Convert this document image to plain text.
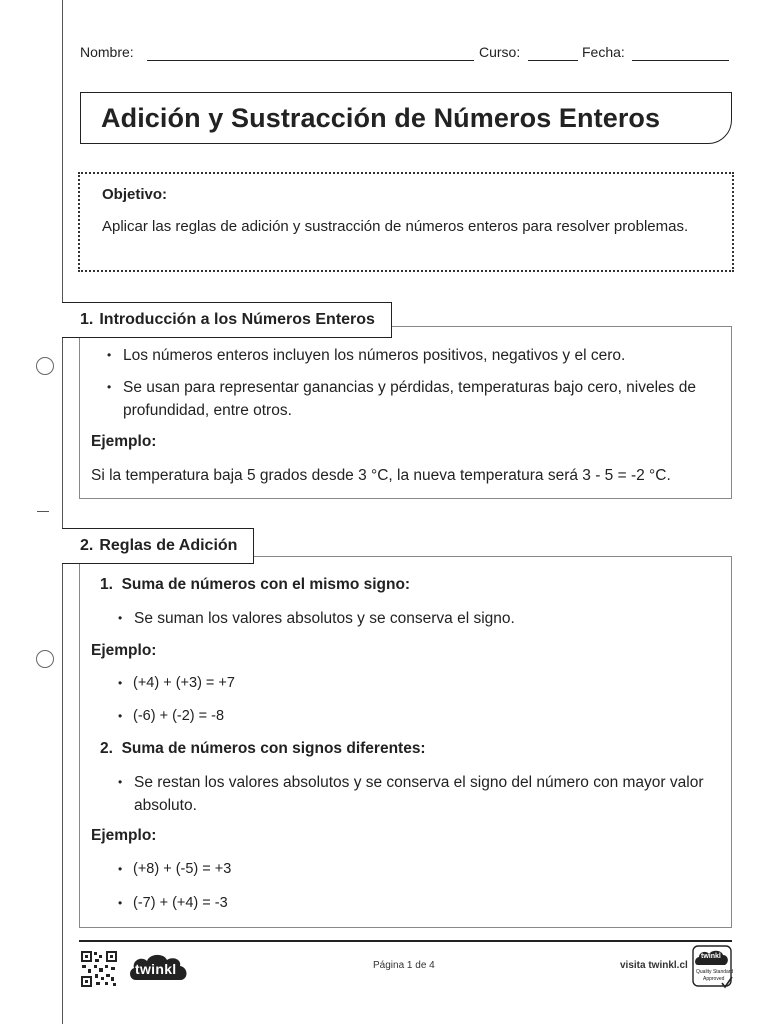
Nombre:	Curso:	Fecha:
Adición y Sustracción de Números Enteros
Objetivo:
Aplicar las reglas de adición y sustracción de números enteros para resolver problemas.
• Los números enteros incluyen los números positivos, negativos y el cero.
• Se usan para representar ganancias y pérdidas, temperaturas bajo cero, niveles de profundidad, entre otros.
Ejemplo:
Si la temperatura baja 5 grados desde 3 °C, la nueva temperatura será 3 - 5 = -2 °C.
1. Introducción a los Números Enteros
1. Suma de números con el mismo signo:
• Se suman los valores absolutos y se conserva el signo.
Ejemplo:
• (+4) + (+3) = +7
• (-6) + (-2) = -8
2. Suma de números con signos diferentes:
• Se restan los valores absolutos y se conserva el signo del número con mayor valor absoluto.
Ejemplo:
• (+8) + (-5) = +3
• (-7) + (+4) = -3
2. Reglas de Adición
twinkl	Página 1 de 4	visita twinkl.cl
twinkl
Quality Standard
Approved
